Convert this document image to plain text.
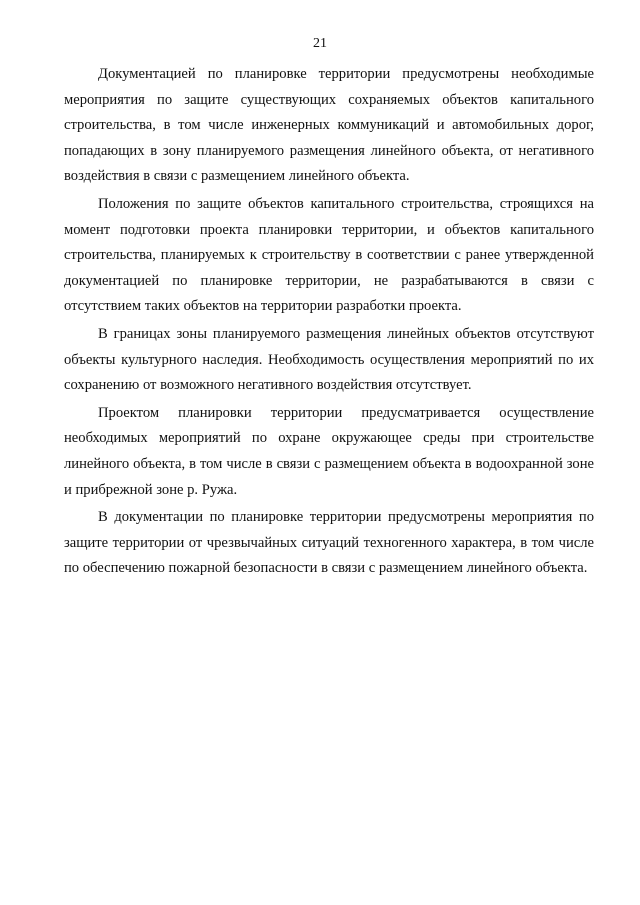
21

Документацией по планировке территории предусмотрены необходимые мероприятия по защите существующих сохраняемых объектов капитального строительства, в том числе инженерных коммуникаций и автомобильных дорог, попадающих в зону планируемого размещения линейного объекта, от негативного воздействия в связи с размещением линейного объекта.

Положения по защите объектов капитального строительства, строящихся на момент подготовки проекта планировки территории, и объектов капитального строительства, планируемых к строительству в соответствии с ранее утвержденной документацией по планировке территории, не разрабатываются в связи с отсутствием таких объектов на территории разработки проекта.

В границах зоны планируемого размещения линейных объектов отсутствуют объекты культурного наследия. Необходимость осуществления мероприятий по их сохранению от возможного негативного воздействия отсутствует.

Проектом планировки территории предусматривается осуществление необходимых мероприятий по охране окружающее среды при строительстве линейного объекта, в том числе в связи с размещением объекта в водоохранной зоне и прибрежной зоне р. Ружа.

В документации по планировке территории предусмотрены мероприятия по защите территории от чрезвычайных ситуаций техногенного характера, в том числе по обеспечению пожарной безопасности в связи с размещением линейного объекта.
